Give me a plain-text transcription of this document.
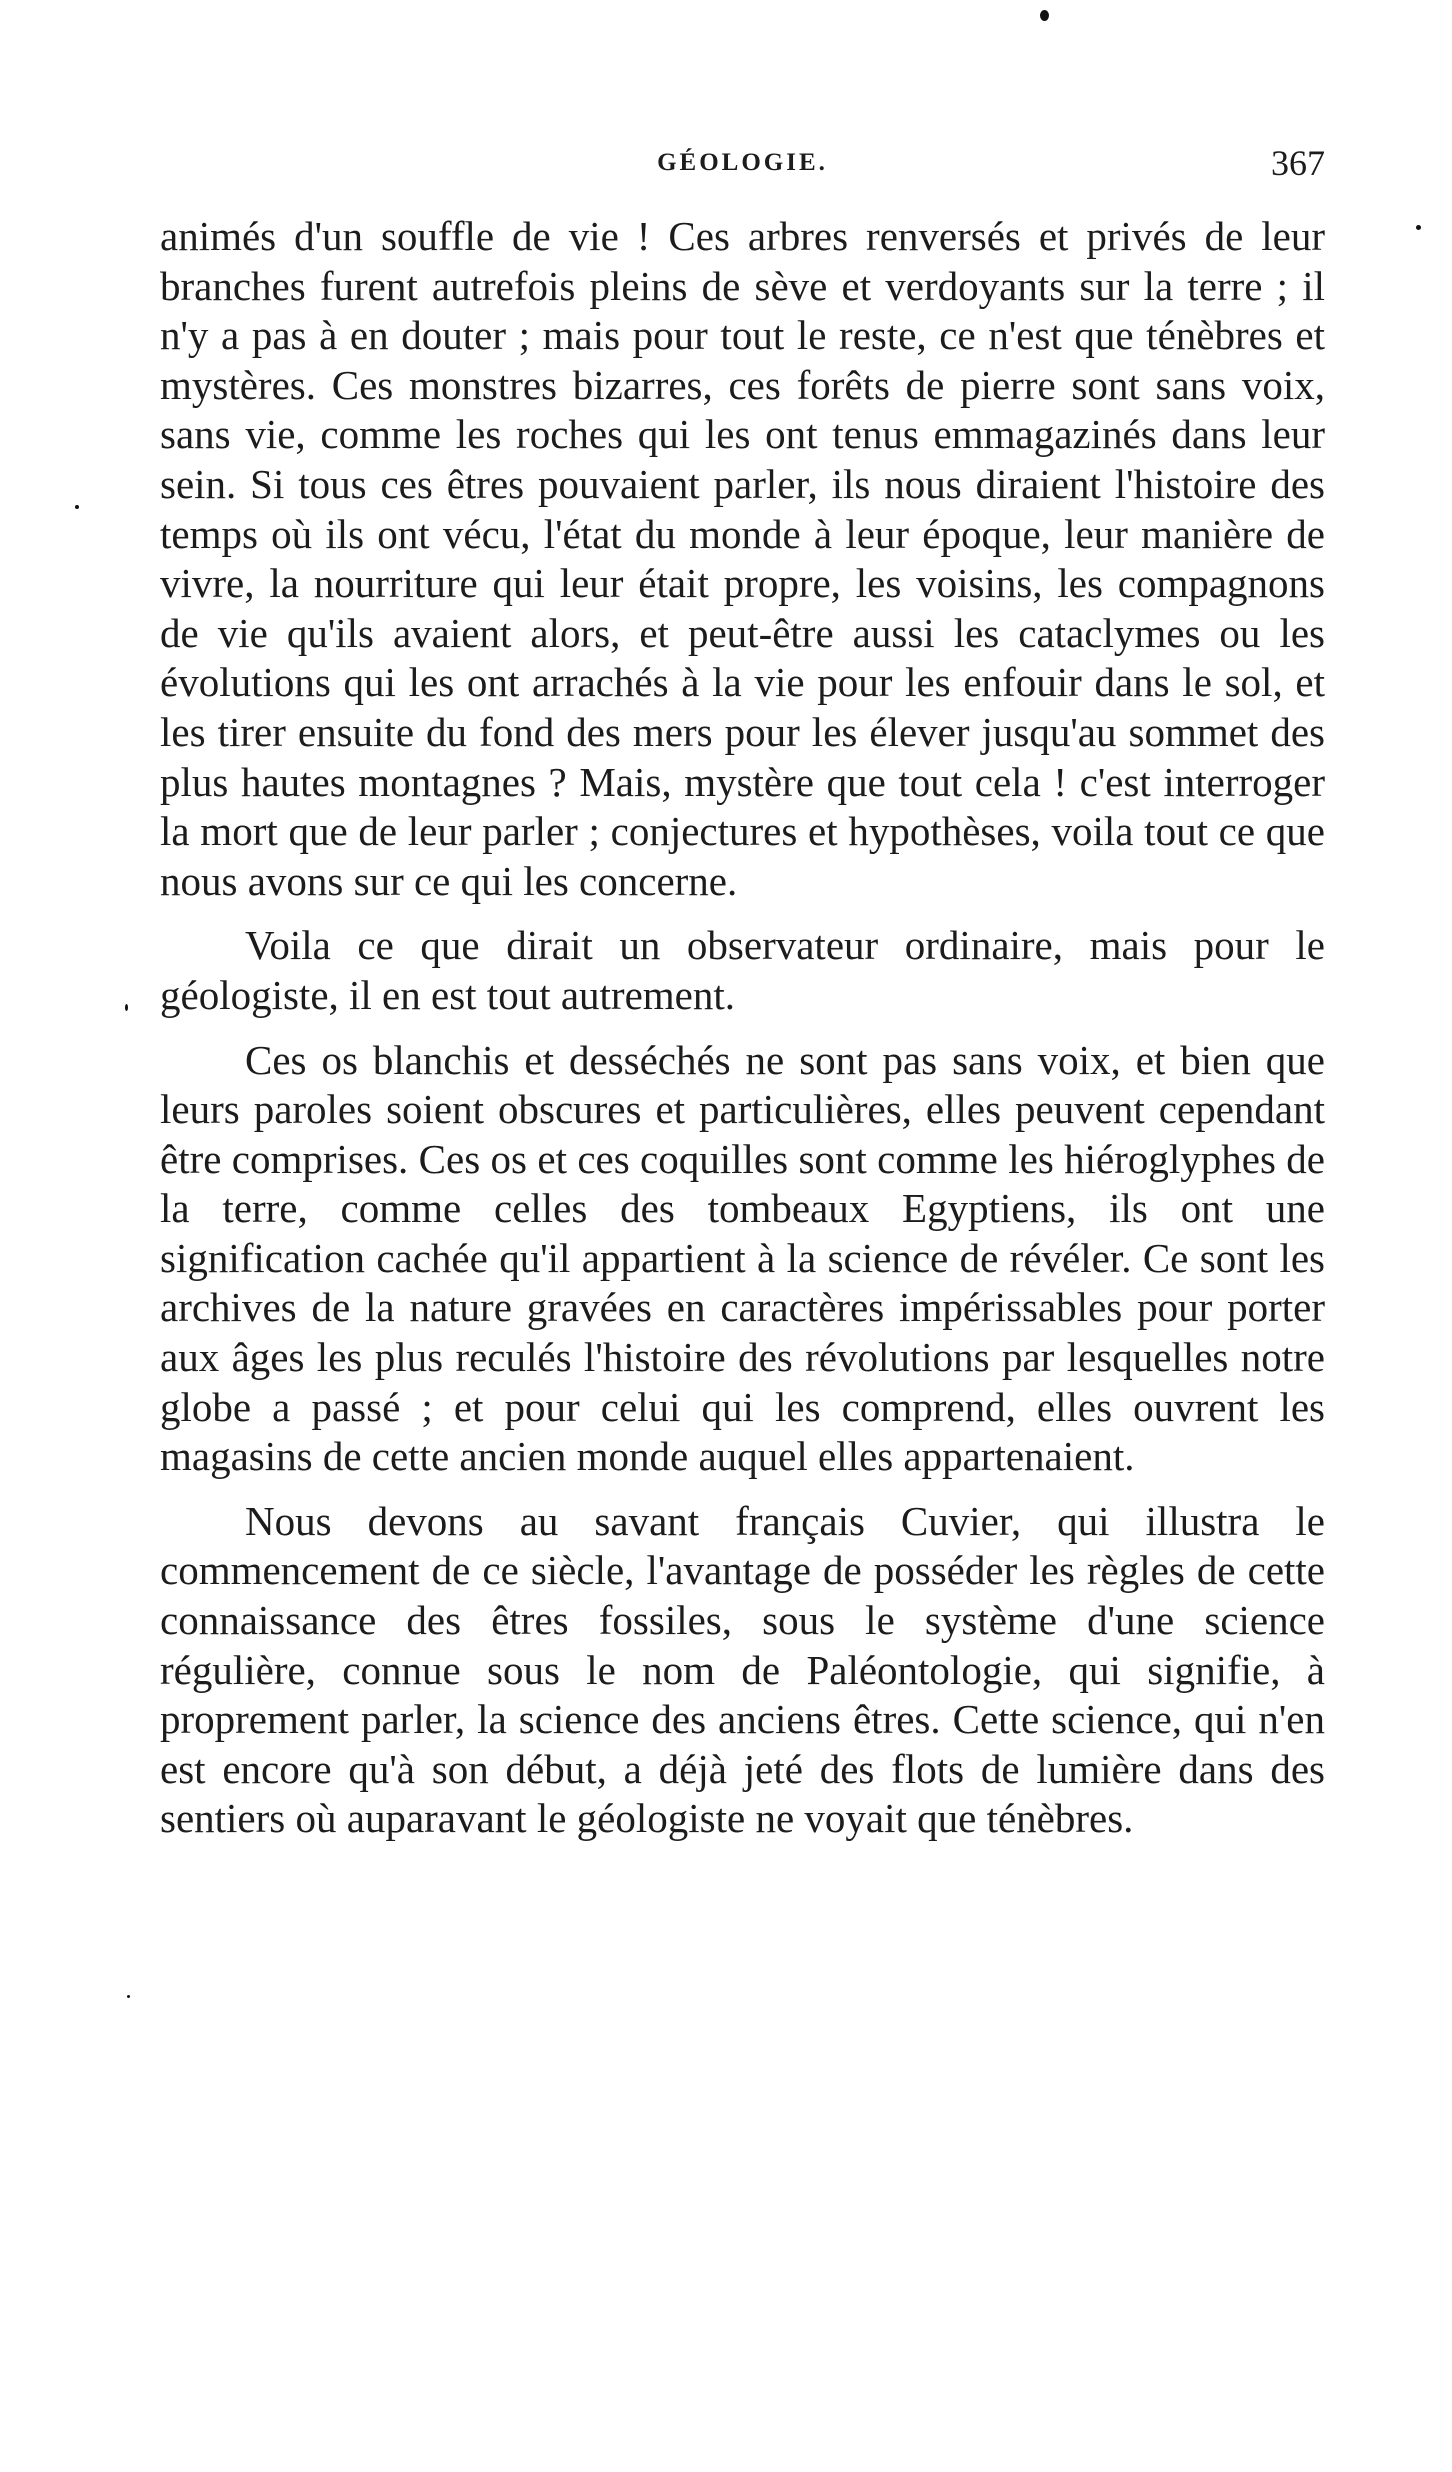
GÉOLOGIE.	367

animés d'un souffle de vie ! Ces arbres renversés et privés de leur branches furent autrefois pleins de sève et verdoyants sur la terre ; il n'y a pas à en douter ; mais pour tout le reste, ce n'est que ténèbres et mystères. Ces monstres bizarres, ces forêts de pierre sont sans voix, sans vie, comme les roches qui les ont tenus emmagazinés dans leur sein. Si tous ces êtres pouvaient parler, ils nous diraient l'histoire des temps où ils ont vécu, l'état du monde à leur époque, leur manière de vivre, la nourriture qui leur était propre, les voisins, les compagnons de vie qu'ils avaient alors, et peut-être aussi les cataclymes ou les évolutions qui les ont arrachés à la vie pour les enfouir dans le sol, et les tirer ensuite du fond des mers pour les élever jusqu'au sommet des plus hautes montagnes ? Mais, mystère que tout cela ! c'est interroger la mort que de leur parler ; conjectures et hypothèses, voila tout ce que nous avons sur ce qui les concerne.

Voila ce que dirait un observateur ordinaire, mais pour le géologiste, il en est tout autrement.

Ces os blanchis et desséchés ne sont pas sans voix, et bien que leurs paroles soient obscures et particulières, elles peuvent cependant être comprises. Ces os et ces coquilles sont comme les hiéroglyphes de la terre, comme celles des tombeaux Egyptiens, ils ont une signification cachée qu'il appartient à la science de révéler. Ce sont les archives de la nature gravées en caractères impérissables pour porter aux âges les plus reculés l'histoire des révolutions par lesquelles notre globe a passé ; et pour celui qui les comprend, elles ouvrent les magasins de cette ancien monde auquel elles appartenaient.

Nous devons au savant français Cuvier, qui illustra le commencement de ce siècle, l'avantage de posséder les règles de cette connaissance des êtres fossiles, sous le système d'une science régulière, connue sous le nom de Paléontologie, qui signifie, à proprement parler, la science des anciens êtres. Cette science, qui n'en est encore qu'à son début, a déjà jeté des flots de lumière dans des sentiers où auparavant le géologiste ne voyait que ténèbres.
